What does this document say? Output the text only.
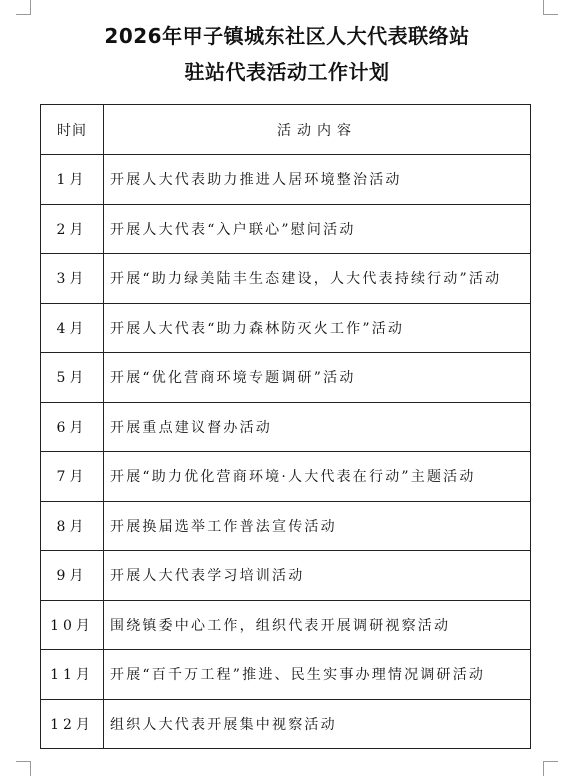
2026年甲子镇城东社区人大代表联络站
驻站代表活动工作计划
时间	活动内容
1月	开展人大代表助力推进人居环境整治活动
2月	开展人大代表“入户联心”慰问活动
3月	开展“助力绿美陆丰生态建设，人大代表持续行动”活动
4月	开展人大代表“助力森林防灭火工作”活动
5月	开展“优化营商环境专题调研”活动
6月	开展重点建议督办活动
7月	开展“助力优化营商环境·人大代表在行动”主题活动
8月	开展换届选举工作普法宣传活动
9月	开展人大代表学习培训活动
10月	围绕镇委中心工作，组织代表开展调研视察活动
11月	开展“百千万工程”推进、民生实事办理情况调研活动
12月	组织人大代表开展集中视察活动
